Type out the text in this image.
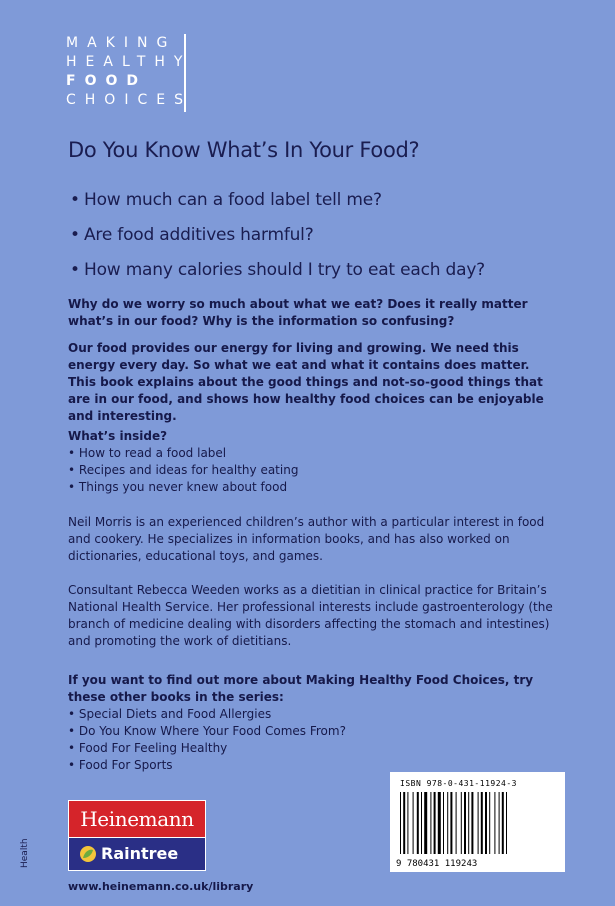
MAKING
HEALTHY
FOOD
CHOICES
Do You Know What’s In Your Food?
• How much can a food label tell me?
• Are food additives harmful?
• How many calories should I try to eat each day?
Why do we worry so much about what we eat? Does it really matter what’s in our food? Why is the information so confusing?
Our food provides our energy for living and growing. We need this energy every day. So what we eat and what it contains does matter. This book explains about the good things and not-so-good things that are in our food, and shows how healthy food choices can be enjoyable and interesting.
What’s inside?
• How to read a food label
• Recipes and ideas for healthy eating
• Things you never knew about food
Neil Morris is an experienced children’s author with a particular interest in food and cookery. He specializes in information books, and has also worked on dictionaries, educational toys, and games.
Consultant Rebecca Weeden works as a dietitian in clinical practice for Britain’s National Health Service. Her professional interests include gastroenterology (the branch of medicine dealing with disorders affecting the stomach and intestines) and promoting the work of dietitians.
If you want to find out more about Making Healthy Food Choices, try these other books in the series:
• Special Diets and Food Allergies
• Do You Know Where Your Food Comes From?
• Food For Feeling Healthy
• Food For Sports
ISBN 978-0-431-11924-3
9 780431 119243
Heinemann
Raintree
Health
www.heinemann.co.uk/library
